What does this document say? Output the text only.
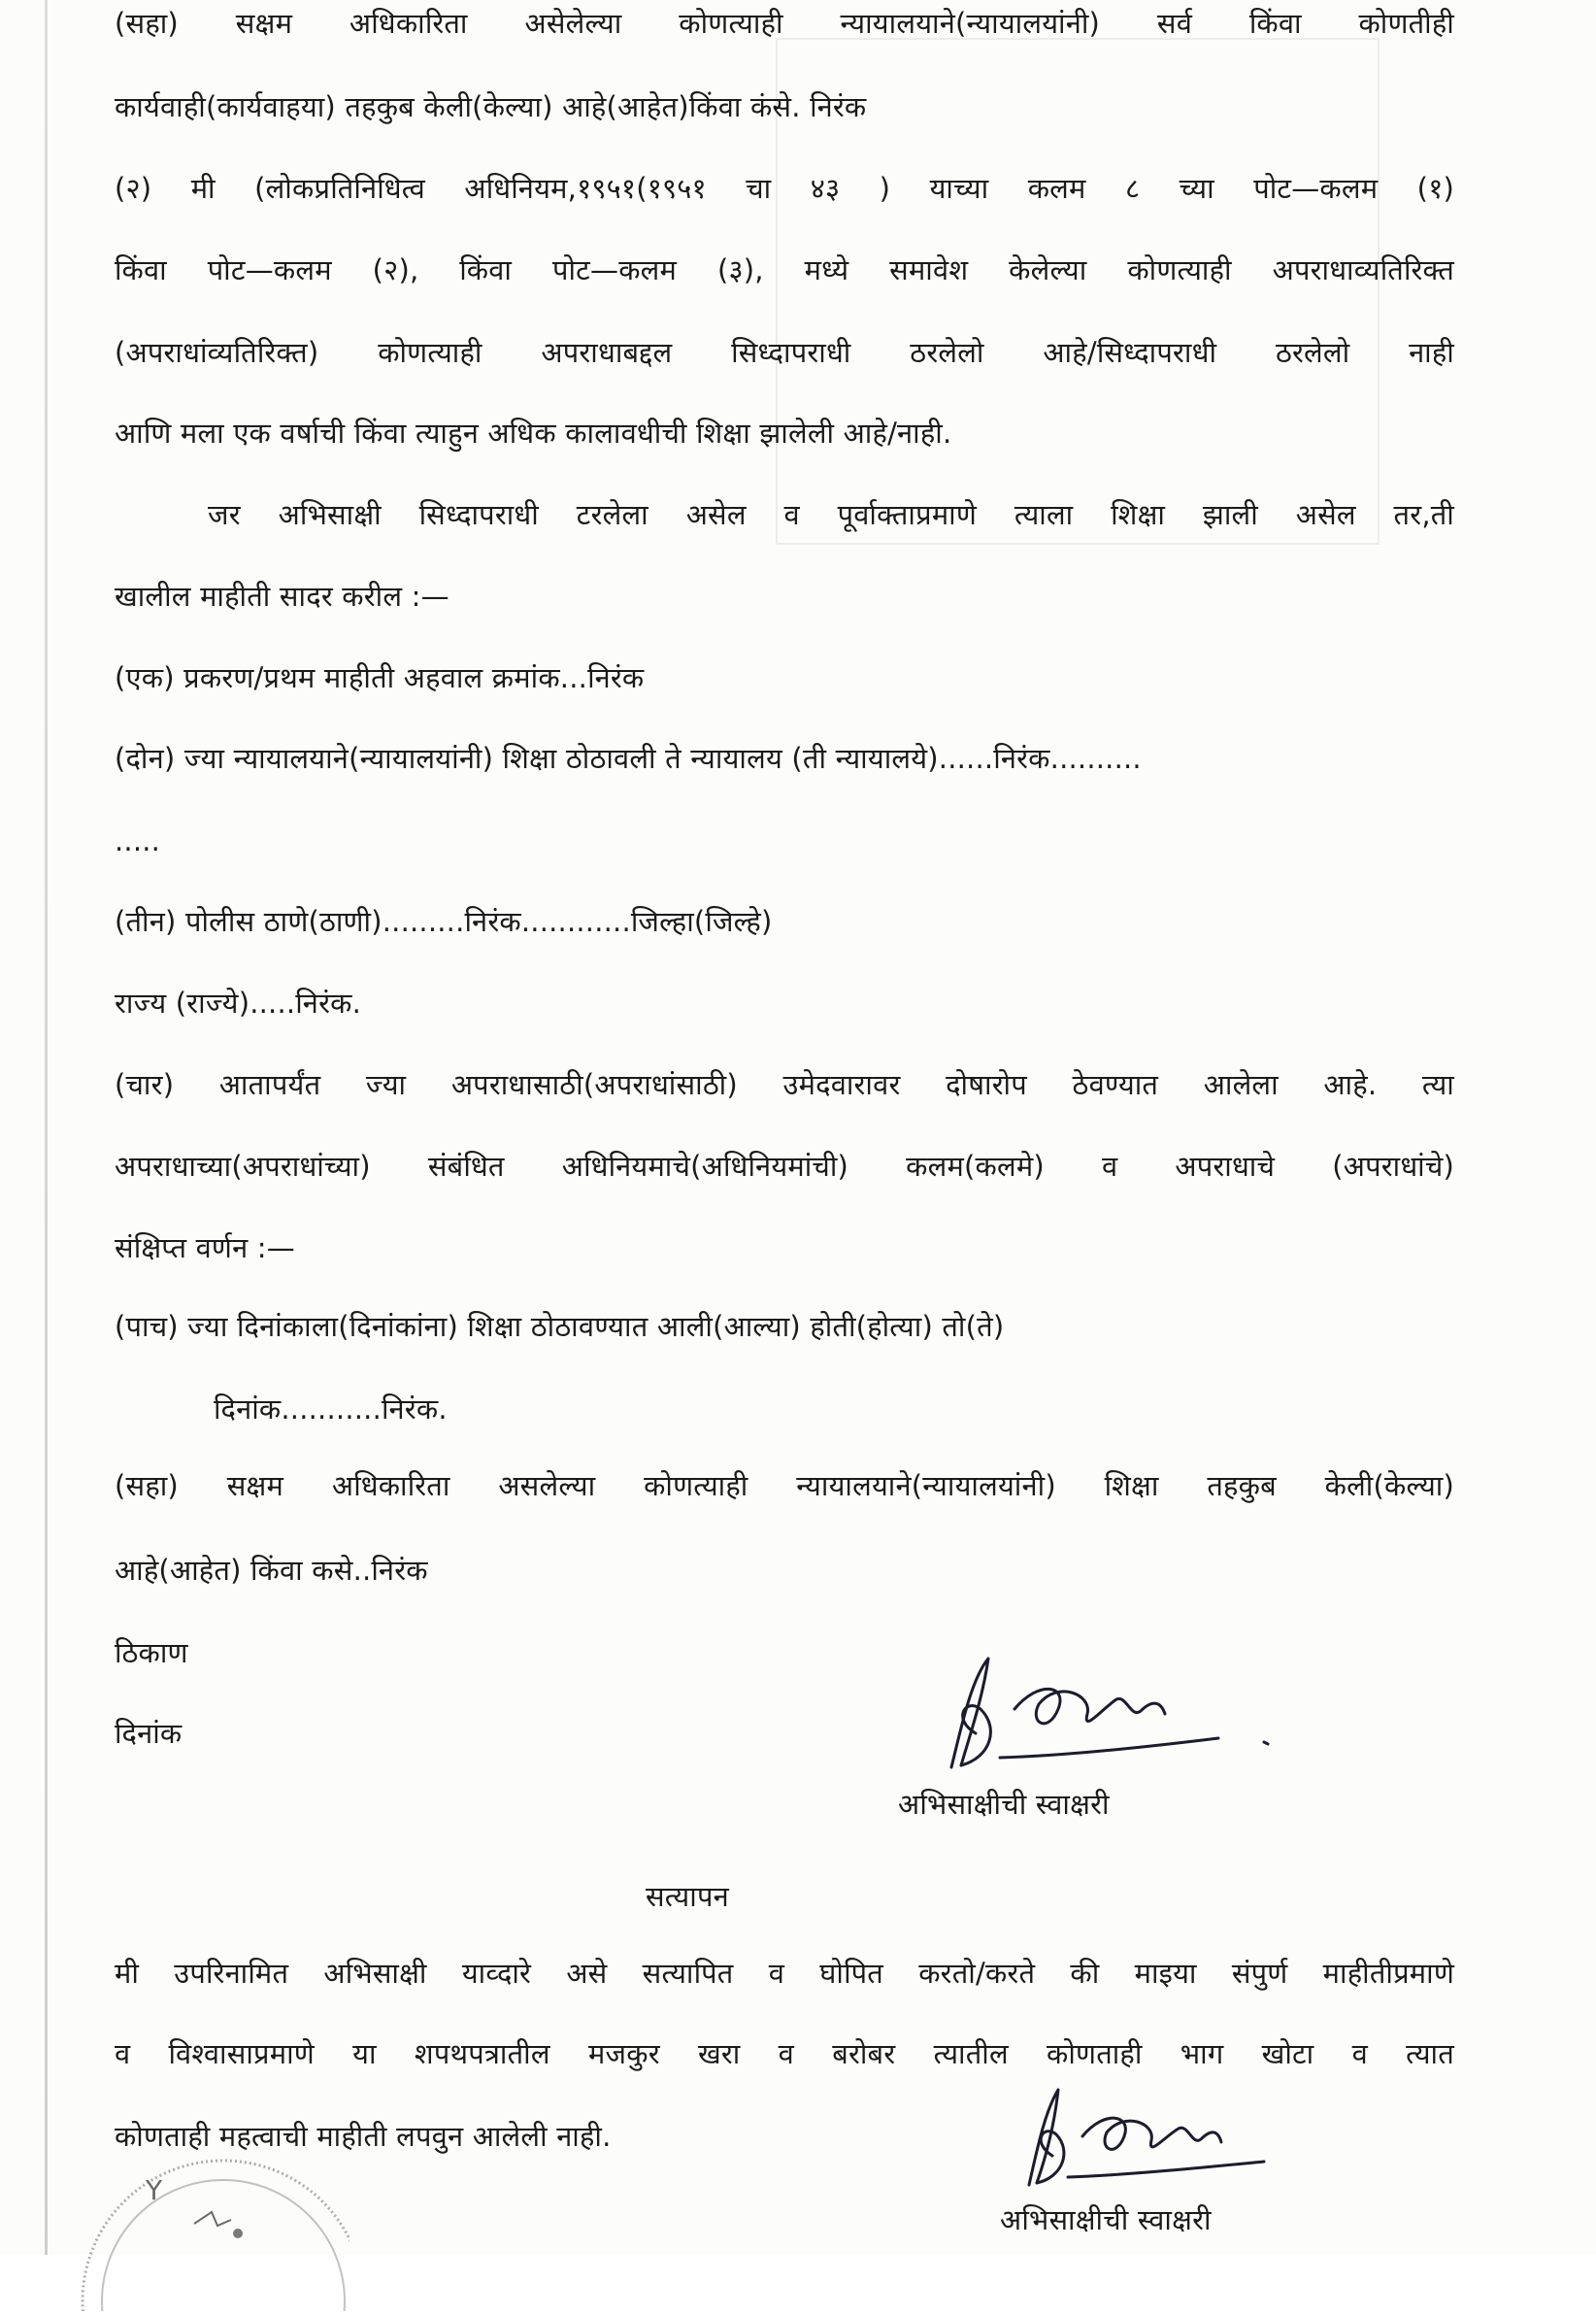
(सहा) सक्षम अधिकारिता असेलेल्या कोणत्याही न्यायालयाने(न्यायालयांनी) सर्व किंवा कोणतीही
कार्यवाही(कार्यवाहया) तहकुब केली(केल्या) आहे(आहेत)किंवा कंसे. निरंक
(२) मी (लोकप्रतिनिधित्व अधिनियम,१९५१(१९५१ चा ४३ ) याच्या कलम ८ च्या पोट—कलम (१)
किंवा पोट—कलम (२), किंवा पोट—कलम (३), मध्ये समावेश केलेल्या कोणत्याही अपराधाव्यतिरिक्त
(अपराधांव्यतिरिक्त) कोणत्याही अपराधाबद्दल सिध्दापराधी ठरलेलो आहे/सिध्दापराधी ठरलेलो नाही
आणि मला एक वर्षाची किंवा त्याहुन अधिक कालावधीची शिक्षा झालेली आहे/नाही.
जर अभिसाक्षी सिध्दापराधी टरलेला असेल व पूर्वाक्ताप्रमाणे त्याला शिक्षा झाली असेल तर,ती
खालील माहीती सादर करील :—
(एक) प्रकरण/प्रथम माहीती अहवाल क्रमांक...निरंक
(दोन) ज्या न्यायालयाने(न्यायालयांनी) शिक्षा ठोठावली ते न्यायालय (ती न्यायालये)......निरंक..........
.....
(तीन) पोलीस ठाणे(ठाणी).........निरंक............जिल्हा(जिल्हे)
राज्य (राज्ये).....निरंक.
(चार) आतापर्यंत ज्या अपराधासाठी(अपराधांसाठी) उमेदवारावर दोषारोप ठेवण्यात आलेला आहे. त्या
अपराधाच्या(अपराधांच्या) संबंधित अधिनियमाचे(अधिनियमांची) कलम(कलमे) व अपराधाचे (अपराधांचे)
संक्षिप्त वर्णन :—
(पाच) ज्या दिनांकाला(दिनांकांना) शिक्षा ठोठावण्यात आली(आल्या) होती(होत्या) तो(ते)
दिनांक...........निरंक.
(सहा) सक्षम अधिकारिता असलेल्या कोणत्याही न्यायालयाने(न्यायालयांनी) शिक्षा तहकुब केली(केल्या)
आहे(आहेत) किंवा कसे..निरंक
ठिकाण
दिनांक
अभिसाक्षीची स्वाक्षरी
सत्यापन
मी उपरिनामित अभिसाक्षी याव्दारे असे सत्यापित व घोपित करतो/करते की माइया संपुर्ण माहीतीप्रमाणे
व विश्वासाप्रमाणे या शपथपत्रातील मजकुर खरा व बरोबर त्यातील कोणताही भाग खोटा व त्यात
कोणताही महत्वाची माहीती लपवुन आलेली नाही.
अभिसाक्षीची स्वाक्षरी
Y
